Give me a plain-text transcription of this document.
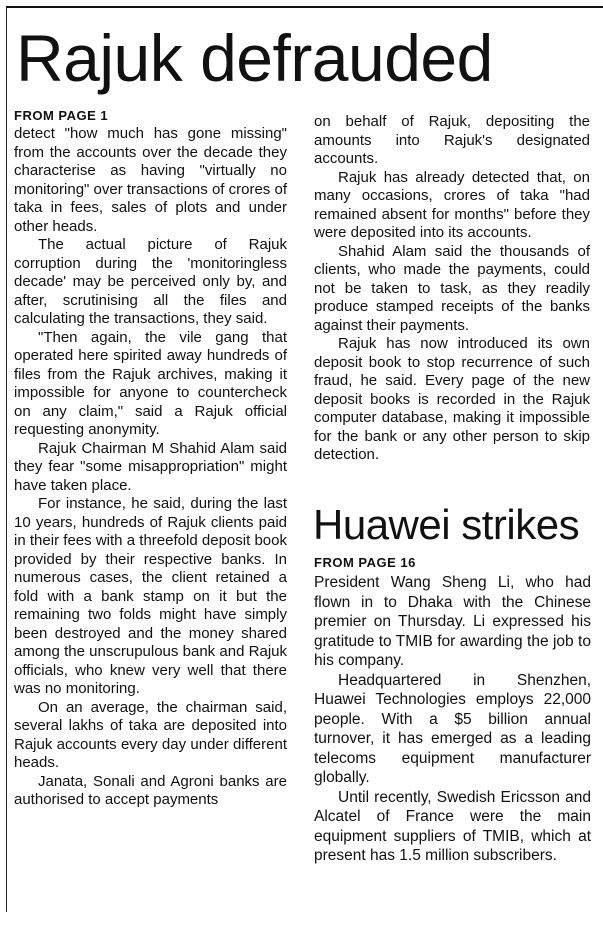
Rajuk defrauded
FROM PAGE 1

detect "how much has gone missing" from the accounts over the decade they characterise as having "virtually no monitoring" over transactions of crores of taka in fees, sales of plots and under other heads.

The actual picture of Rajuk corruption during the 'monitoringless decade' may be perceived only by, and after, scrutinising all the files and calculating the transactions, they said.

"Then again, the vile gang that operated here spirited away hundreds of files from the Rajuk archives, making it impossible for anyone to countercheck on any claim," said a Rajuk official requesting anonymity.

Rajuk Chairman M Shahid Alam said they fear "some misappropriation" might have taken place.

For instance, he said, during the last 10 years, hundreds of Rajuk clients paid in their fees with a threefold deposit book provided by their respective banks. In numerous cases, the client retained a fold with a bank stamp on it but the remaining two folds might have simply been destroyed and the money shared among the unscrupulous bank and Rajuk officials, who knew very well that there was no monitoring.

On an average, the chairman said, several lakhs of taka are deposited into Rajuk accounts every day under different heads.

Janata, Sonali and Agroni banks are authorised to accept payments

on behalf of Rajuk, depositing the amounts into Rajuk's designated accounts.

Rajuk has already detected that, on many occasions, crores of taka "had remained absent for months" before they were deposited into its accounts.

Shahid Alam said the thousands of clients, who made the payments, could not be taken to task, as they readily produce stamped receipts of the banks against their payments.

Rajuk has now introduced its own deposit book to stop recurrence of such fraud, he said. Every page of the new deposit books is recorded in the Rajuk computer database, making it impossible for the bank or any other person to skip detection.

Huawei strikes
FROM PAGE 16

President Wang Sheng Li, who had flown in to Dhaka with the Chinese premier on Thursday. Li expressed his gratitude to TMIB for awarding the job to his company.

Headquartered in Shenzhen, Huawei Technologies employs 22,000 people. With a $5 billion annual turnover, it has emerged as a leading telecoms equipment manufacturer globally.

Until recently, Swedish Ericsson and Alcatel of France were the main equipment suppliers of TMIB, which at present has 1.5 million subscribers.
